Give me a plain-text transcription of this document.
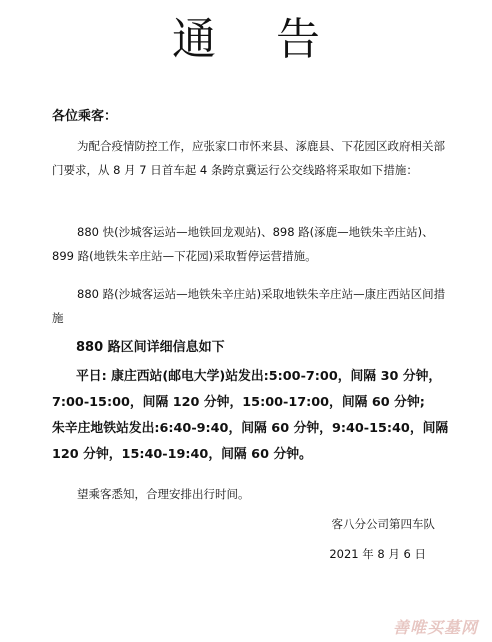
通告
各位乘客：

为配合疫情防控工作，应张家口市怀来县、涿鹿县、下花园区政府相关部门要求，从 8 月 7 日首车起 4 条跨京冀运行公交线路将采取如下措施：

880 快(沙城客运站—地铁回龙观站)、898 路(涿鹿—地铁朱辛庄站)、899 路(地铁朱辛庄站—下花园)采取暂停运营措施。

880 路(沙城客运站—地铁朱辛庄站)采取地铁朱辛庄站—康庄西站区间措施

880 路区间详细信息如下

平日: 康庄西站(邮电大学)站发出:5:00-7:00，间隔 30 分钟，7:00-15:00，间隔 120 分钟，15:00-17:00，间隔 60 分钟;
朱辛庄地铁站发出:6:40-9:40，间隔 60 分钟，9:40-15:40，间隔 120 分钟，15:40-19:40，间隔 60 分钟。

望乘客悉知，合理安排出行时间。
客八分公司第四车队
2021 年 8 月 6 日
善唯买墓网
